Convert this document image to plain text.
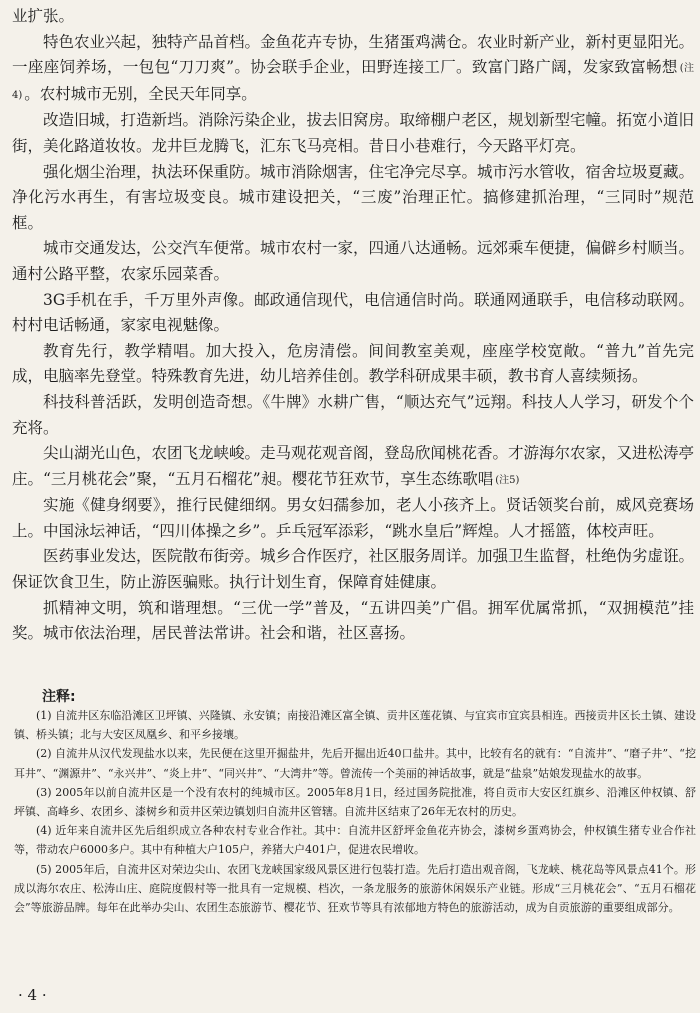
业扩张。

特色农业兴起，独特产品首档。金鱼花卉专协，生猪蛋鸡满仓。农业时新产业，新村更显阳光。一座座饲养场，一包包“刀刀爽”。协会联手企业，田野连接工厂。致富门路广阔，发家致富畅想 (注4) 。农村城市无别，全民天年同享。

改造旧城，打造新垱。消除污染企业，拔去旧窝房。取缔棚户老区，规划新型宅幢。拓宽小道旧街，美化路道妆妆。龙井巨龙腾飞，汇东飞马亮相。昔日小巷难行，今天路平灯亮。

强化烟尘治理，执法环保重防。城市消除烟害，住宅净完尽享。城市污水管收，宿舍垃圾夏藏。净化污水再生，有害垃圾变良。城市建设把关，“三废”治理正忙。搞修建抓治理，“三同时”规范框。

城市交通发达，公交汽车便常。城市农村一家，四通八达通畅。远郊乘车便捷，偏僻乡村顺当。通村公路平整，农家乐园菜香。

3G手机在手，千万里外声像。邮政通信现代，电信通信时尚。联通网通联手，电信移动联网。村村电话畅通，家家电视魅像。

教育先行，教学精唱。加大投入，危房清偿。间间教室美观，座座学校宽敞。“普九”首先完成，电脑率先登堂。特殊教育先进，幼儿培养佳创。教学科研成果丰硕，教书育人喜续频扬。

科技科普活跃，发明创造奇想。《牛牌》水耕广售，“顺达充气”远翔。科技人人学习，研发个个充将。

尖山湖光山色，农团飞龙峡峻。走马观花观音阁，登岛欣闻桃花香。才游海尔农家，又进松涛亭庄。“三月桃花会”聚，“五月石榴花”昶。樱花节狂欢节，享生态练歌唱 (注5)

实施《健身纲要》，推行民健细纲。男女妇孺参加，老人小孩齐上。贤话领奖台前，威风竞赛场上。中国泳坛神话，“四川体操之乡”。乒乓冠军添彩，“跳水皇后”辉煌。人才摇篮，体校声旺。

医药事业发达，医院散布街旁。城乡合作医疗，社区服务周详。加强卫生监督，杜绝伪劣虚诳。保证饮食卫生，防止游医骗账。执行计划生育，保障育娃健康。

抓精神文明，筑和谐理想。“三优一学”普及，“五讲四美”广倡。拥军优属常抓，“双拥模范”挂奖。城市依法治理，居民普法常讲。社会和谐，社区喜扬。

注释:

(1) 自流井区东临沿滩区卫坪镇、兴隆镇、永安镇；南接沿滩区富全镇、贡井区莲花镇、与宜宾市宜宾县相连。西接贡井区长土镇、建设镇、桥头镇；北与大安区凤凰乡、和平乡接壤。

(2) 自流井从汉代发现盐水以来，先民便在这里开掘盐井，先后开掘出近40口盐井。其中，比较有名的就有：“自流井”、“磨子井”、“挖耳井”、“渊源井”、“永兴井”、“炎上井”、“同兴井”、“大湾井”等。曾流传一个美丽的神话故事，就是“盐泉”姑娘发现盐水的故事。

(3) 2005年以前自流井区是一个没有农村的纯城市区。2005年8月1日，经过国务院批准，将自贡市大安区红旗乡、沿滩区仲权镇、舒坪镇、高峰乡、农团乡、漆树乡和贡井区荣边镇划归自流井区管辖。自流井区结束了26年无农村的历史。

(4) 近年来自流井区先后组织成立各种农村专业合作社。其中：自流井区舒坪金鱼花卉协会，漆树乡蛋鸡协会，仲权镇生猪专业合作社等，带动农户6000多户。其中有种植大户105户，养猪大户401户，促进农民增收。

(5) 2005年后，自流井区对荣边尖山、农团飞龙峡国家级风景区进行包装打造。先后打造出观音阁，飞龙峡、桃花岛等风景点41个。形成以海尔农庄、松涛山庄、庭院度假村等一批具有一定规模、档次，一条龙服务的旅游休闲娱乐产业链。形成“三月桃花会”、“五月石榴花会”等旅游品牌。每年在此举办尖山、农团生态旅游节、樱花节、狂欢节等具有浓郁地方特色的旅游活动，成为自贡旅游的重要组成部分。

· 4 ·
